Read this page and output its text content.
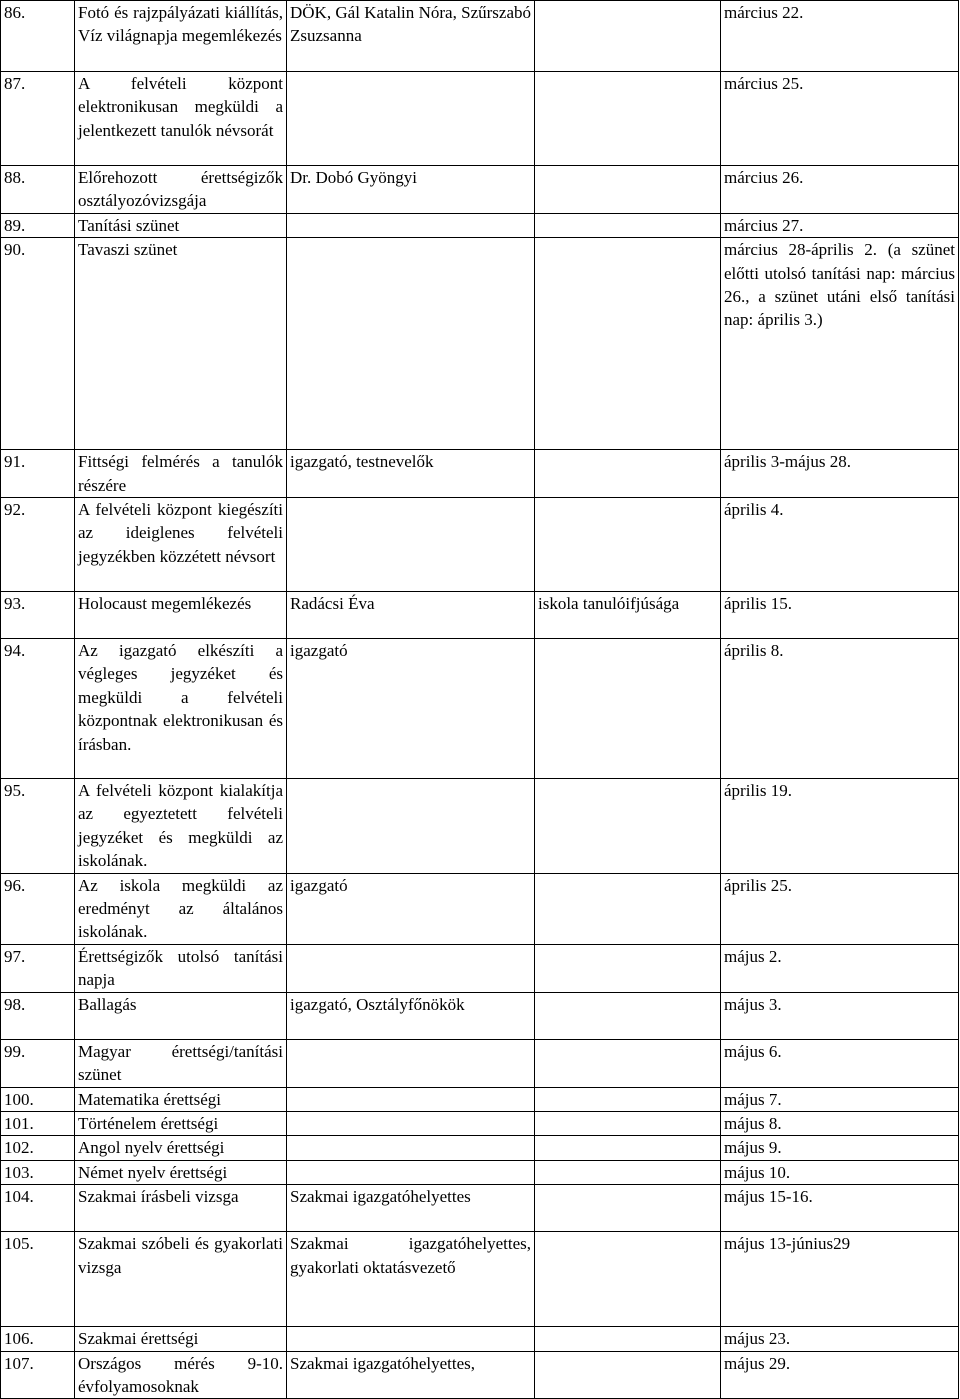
86.	Fotó és rajzpályázati kiállítás, Víz világnapja megemlékezés	DÖK, Gál Katalin Nóra, Szűrszabó Zsuzsanna		március 22.
87.	A felvételi központ elektronikusan megküldi a jelentkezett tanulók névsorát			március 25.
88.	Előrehozott érettségizők osztályozóvizsgája	Dr. Dobó Gyöngyi		március 26.
89.	Tanítási szünet			március 27.
90.	Tavaszi szünet			március 28-április 2. (a szünet előtti utolsó tanítási nap: március 26., a szünet utáni első tanítási nap: április 3.)
91.	Fittségi felmérés a tanulók részére	igazgató, testnevelők		április 3-május 28.
92.	A felvételi központ kiegészíti az ideiglenes felvételi jegyzékben közzétett névsort			április 4.
93.	Holocaust megemlékezés	Radácsi Éva	iskola tanulóifjúsága	április 15.
94.	Az igazgató elkészíti a végleges jegyzéket és megküldi a felvételi központnak elektronikusan és írásban.	igazgató		április 8.
95.	A felvételi központ kialakítja az egyeztetett felvételi jegyzéket és megküldi az iskolának.			április 19.
96.	Az iskola megküldi az eredményt az általános iskolának.	igazgató		április 25.
97.	Érettségizők utolsó tanítási napja			május 2.
98.	Ballagás	igazgató, Osztályfőnökök		május 3.
99.	Magyar érettségi/tanítási szünet			május 6.
100.	Matematika érettségi			május 7.
101.	Történelem érettségi			május 8.
102.	Angol nyelv érettségi			május 9.
103.	Német nyelv érettségi			május 10.
104.	Szakmai írásbeli vizsga	Szakmai igazgatóhelyettes		május 15-16.
105.	Szakmai szóbeli és gyakorlati vizsga	Szakmai igazgatóhelyettes, gyakorlati oktatásvezető		május 13-június29
106.	Szakmai érettségi			május 23.
107.	Országos mérés 9-10. évfolyamosoknak	Szakmai igazgatóhelyettes,		május 29.
